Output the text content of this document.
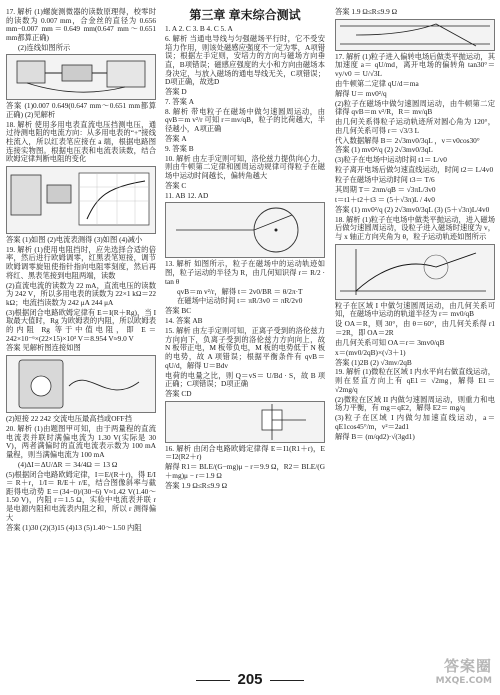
17. 解析 (1)螺旋测微器的读数原理得，校零时的读数为 0.007 mm，合金丝的直径为 0.656 mm−0.007 mm＝0.649 mm(0.647 mm～0.651 mm都算正确)

(2)连线如图所示

答案 (1)0.007 0.649(0.647 mm～0.651 mm都算正确) (2)见解析

18. 解析 使用多用电表直流电压挡测电压，通过待测电阻的电流方向：从多用电表的“+”接线柱流入，所以红表笔应接在 a 端，根据电路图连接实物图。根据电压表和电流表读数，结合欧姆定律判断电阻的变化

答案 (1)如图 (2)电流表测得 (3)如图 (4)减小

19. 解析 (1)使用电阻挡时，应先选择合适的倍率，然后进行欧姆调零，红黑表笔短接，调节欧姆调零旋钮使指针指向电阻零刻度，然后再将红、黑表笔接到电阻两端，读数

(2)直流电流的读数为 22 mA，直流电压的读数为 242 V，所以多用电表的读数为 22×1 kΩ＝22 kΩ；电流挡读数为 242 μA 244 μA

(3)根据闭合电路欧姆定律有 E＝I(R＋Rg)，当 I 取最大值时，Rg 为欧姆表的内阻，所以欧姆表的内阻 Rg 等于中值电阻，即 E＝242×10⁻⁶×(22×15)×10³ V＝8.954 V≈9.0 V

答案 见解析图连接如图

(2)短接 22 242 交流电压最高挡或OFF挡

20. 解析 (1)由题图甲可知，由于两量程的直流电流表并联时满偏电流为 1.30 V(实际是 30 V)，两者满偏时的直流电流表示数为 100 mA 量程，则当满偏电流为 100 mA

(4)ΔI＝ΔU/ΔR ＝ 34/4Ω ＝ 13 Ω

(5)根据闭合电路欧姆定律，I＝E/(R＋r)，得 E/I＝ R＋r，1/I＝ R/E＋ r/E，结合图像斜率与截距得电动势 E＝(34−0)/(30−6) V≈1.42 V(1.40～1.50 V)，内阻 r＝1.5 Ω，实验中电流表并联 r 是电源内阻和电流表内阻之和，所以 r 测得偏大

答案 (1)30 (2)(3)15 (4)13 (5)1.40～1.50 内阻

第三章 章末综合测试

1. A 2. C 3. B 4. C 5. A

6. 解析 当通电导线与匀强磁场平行时，它不受安培力作用，则该处磁感应强度不一定为零，A项错误；根据左手定则，安培力的方向与磁场方向垂直，B项错误；磁感应强度的大小和方向由磁场本身决定，与放入磁场的通电导线无关，C项错误；D项正确，故选D

答案 D

7. 答案 A

8. 解析 带电粒子在磁场中做匀速圆周运动，由 qvB＝m v²/r 可知 r＝mv/qB，粒子的比荷越大，半径越小，A项正确

答案 A

9. 答案 B

10. 解析 由左手定则可知，洛伦兹力提供向心力，则由牛顿第二定律和圆周运动规律可得粒子在磁场中运动时间越长，偏转角越大

答案 C

11. AB 12. AD

13. 解析 如图所示，粒子在磁场中的运动轨迹如图，粒子运动的半径为 R，由几何知识得 r＝ R/2 · tan θ

qvB＝m v²/r，解得 t＝ 2v0/BR ＝ θ/2π·T

在磁场中运动时间 t＝ πR/3v0 ＝ πR/2v0

答案 BC

14. 答案 AB

15. 解析 由左手定则可知，正离子受到的洛伦兹力方向向下，负离子受到的洛伦兹力方向向上，故 N 板带正电，M 板带负电，M 板的电势低于 N 板的电势，故 A 项错误；根据平衡条件有 qvB＝qU/d，解得 U＝Bdv

电荷的电量之比，则 Q＝vS＝ U/Bd · S，故 B 项正确；C项错误；D项正确

答案 CD

16. 解析 由闭合电路欧姆定律得 E＝I1(R1＋r)，E＝I2(R2＋r)

解得 R1＝ BLE/(G−mg)μ − r＝9.9 Ω，R2＝ BLE/(G＋mg)μ − r＝1.9 Ω

答案 1.9 Ω≤R≤9.9 Ω

答案 1.9 Ω≤R≤9.9 Ω

17. 解析 (1)粒子进入偏转电场后做类平抛运动，其加速度 a＝ qU/md，离开电场的偏转角 tan30°＝ vy/v0 ＝ U/√3L

由牛顿第二定律 qU/d＝ma

解得 U＝ mv0²/q

(2)粒子在磁场中做匀速圆周运动，由牛顿第二定律得 qvB＝m v²/R，R＝ mv/qB

由几何关系得粒子运动轨迹所对圆心角为 120°，由几何关系可得 r＝ √3/3 L

代入数据解得 B＝ 2√3mv0/3qL ，v＝v0cos30°

答案 (1) mv0²/q (2) 2√3mv0/3qL

(3)粒子在电场中运动时间 t1＝ L/v0

粒子离开电场后做匀速直线运动，时间 t2＝ L/4v0

粒子在磁场中运动时间 t3＝ T/6

其周期 T＝ 2πm/qB ＝ √3πL/3v0

t＝t1＋t2＋t3 ＝ (5＋√3π)L / 4v0

答案 (1) mv0²/q (2) 2√3mv0/3qL (3) (5＋√3π)L/4v0

18. 解析 (1)粒子在电场中做类平抛运动，进入磁场后做匀速圆周运动，设粒子进入磁场时速度为 v，与 x 轴正方向夹角为 θ，粒子运动轨迹如图所示

粒子在区域 I 中做匀速圆周运动，由几何关系可知，在磁场中运动的轨道半径为 r＝ mv0/qB

设 OA＝R，则 30°，由 θ＝60°，由几何关系得 r1＝2R，即 OA＝2R

由几何关系可知 OA＝r＝ 3mv0/qB

x＝(mv0/2qB)×(√3＋1)

答案 (1)2B (2) √3mv/2qB

19. 解析 (1)微粒在区域 I 内水平向右做直线运动，则在竖直方向上有 qE1＝ √2mg，解得 E1＝ √2mg/q

(2)微粒在区域 II 内做匀速圆周运动，则重力和电场力平衡，有 mg＝qE2，解得 E2＝ mg/q

(3)粒子在区域 I 内做匀加速直线运动，a＝ qE1cos45°/m，v²＝2ad1

解得 B＝ (m/qd2)·√(3gd1)

205
答案圈
MXQE.COM
